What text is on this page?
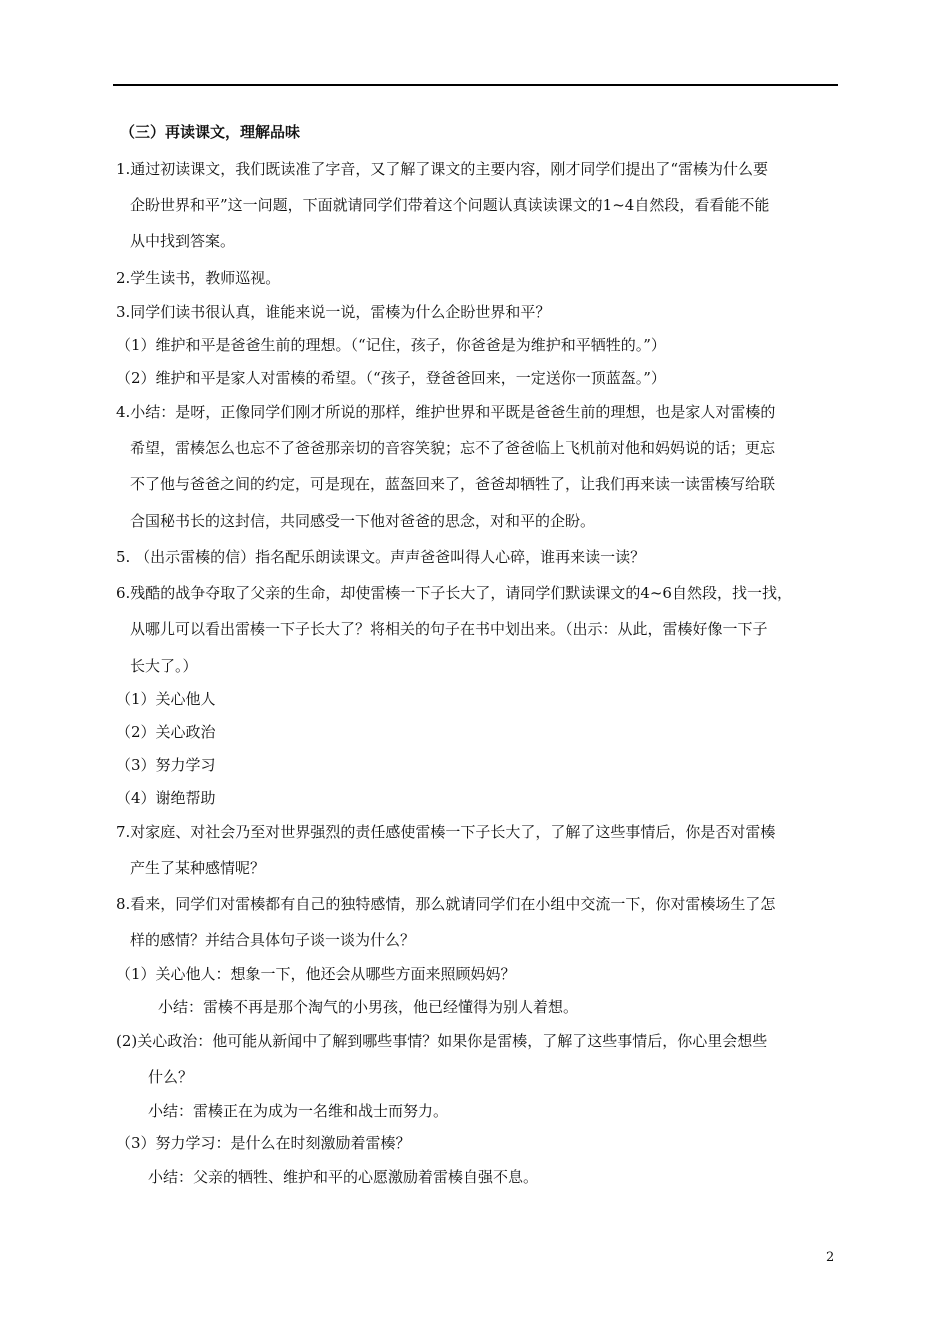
（三）再读课文，理解品味
1.通过初读课文，我们既读准了字音，又了解了课文的主要内容，刚才同学们提出了“雷楱为什么要
企盼世界和平”这一问题，下面就请同学们带着这个问题认真读读课文的1~4自然段，看看能不能
从中找到答案。
2.学生读书，教师巡视。
3.同学们读书很认真，谁能来说一说，雷楱为什么企盼世界和平？
（1）维护和平是爸爸生前的理想。（“记住，孩子，你爸爸是为维护和平牺牲的。”）
（2）维护和平是家人对雷楱的希望。（“孩子，登爸爸回来，一定送你一顶蓝盔。”）
4.小结：是呀，正像同学们刚才所说的那样，维护世界和平既是爸爸生前的理想，也是家人对雷楱的
希望，雷楱怎么也忘不了爸爸那亲切的音容笑貌；忘不了爸爸临上飞机前对他和妈妈说的话；更忘
不了他与爸爸之间的约定，可是现在，蓝盔回来了，爸爸却牺牲了，让我们再来读一读雷楱写给联
合国秘书长的这封信，共同感受一下他对爸爸的思念，对和平的企盼。
5. （出示雷楱的信）指名配乐朗读课文。声声爸爸叫得人心碎，谁再来读一读？
6.残酷的战争夺取了父亲的生命，却使雷楱一下子长大了，请同学们默读课文的4~6自然段，找一找，
从哪儿可以看出雷楱一下子长大了？将相关的句子在书中划出来。（出示：从此，雷楱好像一下子
长大了。）
（1）关心他人
（2）关心政治
（3）努力学习
（4）谢绝帮助
7.对家庭、对社会乃至对世界强烈的责任感使雷楱一下子长大了，了解了这些事情后，你是否对雷楱
产生了某种感情呢？
8.看来，同学们对雷楱都有自己的独特感情，那么就请同学们在小组中交流一下，你对雷楱场生了怎
样的感情？并结合具体句子谈一谈为什么？
（1）关心他人：想象一下，他还会从哪些方面来照顾妈妈？
小结：雷楱不再是那个淘气的小男孩，他已经懂得为别人着想。
(2)关心政治：他可能从新闻中了解到哪些事情？如果你是雷楱，了解了这些事情后，你心里会想些
什么？
小结：雷楱正在为成为一名维和战士而努力。
（3）努力学习：是什么在时刻激励着雷楱？
小结：父亲的牺牲、维护和平的心愿激励着雷楱自强不息。
2
